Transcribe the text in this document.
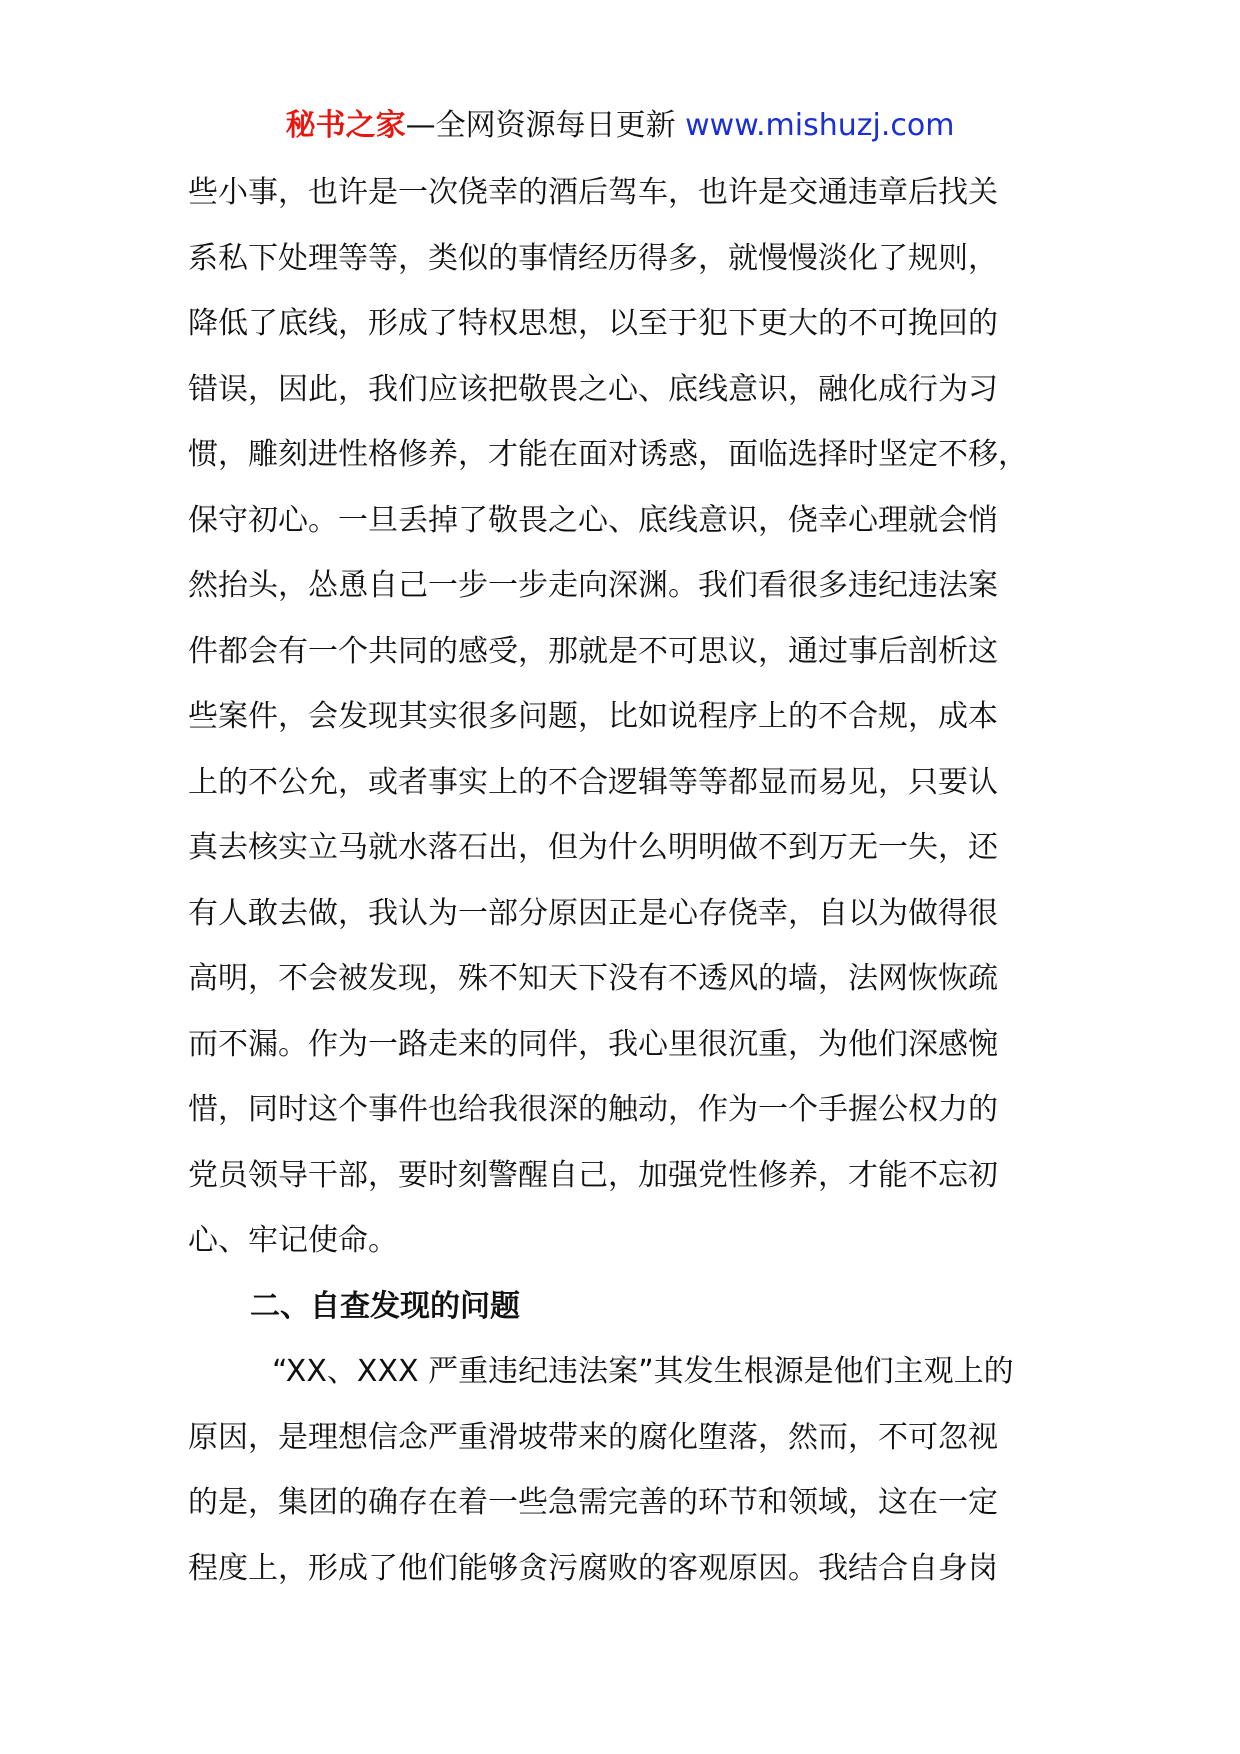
秘书之家—全网资源每日更新 www.mishuzj.com
些小事，也许是一次侥幸的酒后驾车，也许是交通违章后找关
系私下处理等等，类似的事情经历得多，就慢慢淡化了规则，
降低了底线，形成了特权思想，以至于犯下更大的不可挽回的
错误，因此，我们应该把敬畏之心、底线意识，融化成行为习
惯，雕刻进性格修养，才能在面对诱惑，面临选择时坚定不移，
保守初心。一旦丢掉了敬畏之心、底线意识，侥幸心理就会悄
然抬头，怂恿自己一步一步走向深渊。我们看很多违纪违法案
件都会有一个共同的感受，那就是不可思议，通过事后剖析这
些案件，会发现其实很多问题，比如说程序上的不合规，成本
上的不公允，或者事实上的不合逻辑等等都显而易见，只要认
真去核实立马就水落石出，但为什么明明做不到万无一失，还
有人敢去做，我认为一部分原因正是心存侥幸，自以为做得很
高明，不会被发现，殊不知天下没有不透风的墙，法网恢恢疏
而不漏。作为一路走来的同伴，我心里很沉重，为他们深感惋
惜，同时这个事件也给我很深的触动，作为一个手握公权力的
党员领导干部，要时刻警醒自己，加强党性修养，才能不忘初
心、牢记使命。
二、自查发现的问题
“XX、XXX 严重违纪违法案”其发生根源是他们主观上的
原因，是理想信念严重滑坡带来的腐化堕落，然而，不可忽视
的是，集团的确存在着一些急需完善的环节和领域，这在一定
程度上，形成了他们能够贪污腐败的客观原因。我结合自身岗
